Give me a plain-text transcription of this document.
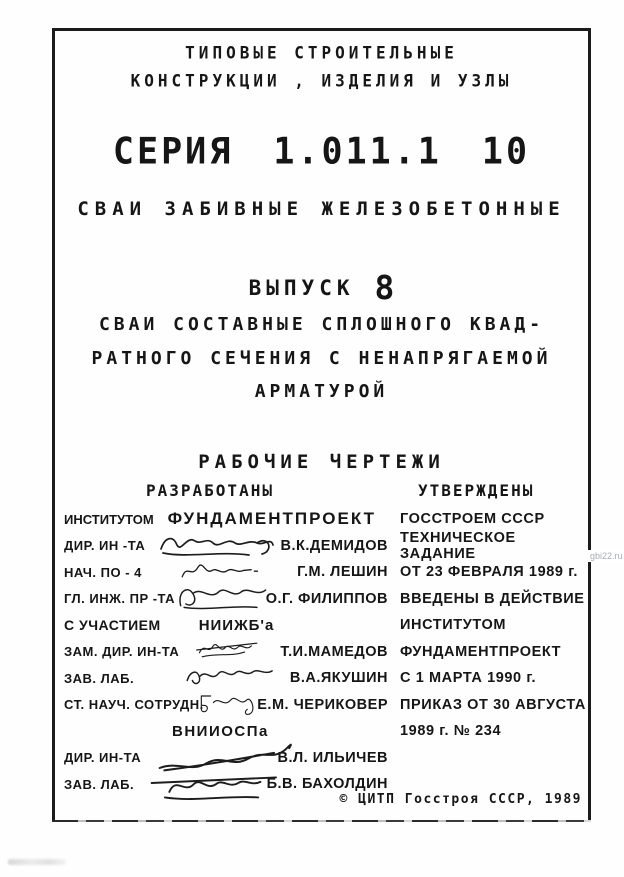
ТИПОВЫЕ СТРОИТЕЛЬНЫЕ
КОНСТРУКЦИИ , ИЗДЕЛИЯ И УЗЛЫ
СЕРИЯ 1.011.1 10
СВАИ ЗАБИВНЫЕ ЖЕЛЕЗОБЕТОННЫЕ
ВЫПУСК 8
СВАИ СОСТАВНЫЕ СПЛОШНОГО КВАД-
РАТНОГО СЕЧЕНИЯ С НЕНАПРЯГАЕМОЙ
АРМАТУРОЙ
РАБОЧИЕ ЧЕРТЕЖИ
РАЗРАБОТАНЫ	УТВЕРЖДЕНЫ
ИНСТИТУТОМ ФУНДАМЕНТПРОЕКТ
ДИР. ИН -ТА	В.К.ДЕМИДОВ
НАЧ. ПО - 4	Г.М. ЛЕШИН
ГЛ. ИНЖ. ПР -ТА	О.Г. ФИЛИППОВ
С УЧАСТИЕМ	НИИЖБ'а
ЗАМ. ДИР. ИН-ТА	Т.И.МАМЕДОВ
ЗАВ. ЛАБ.	В.А.ЯКУШИН
СТ. НАУЧ. СОТРУДН.	Е.М. ЧЕРИКОВЕР
ВНИИОСПа
ДИР. ИН-ТА	В.Л. ИЛЬИЧЕВ
ЗАВ. ЛАБ.	Б.В. БАХОЛДИН
ГОССТРОЕМ СССР
ТЕХНИЧЕСКОЕ ЗАДАНИЕ
ОТ 23 ФЕВРАЛЯ 1989 г.
ВВЕДЕНЫ В ДЕЙСТВИЕ
ИНСТИТУТОМ
ФУНДАМЕНТПРОЕКТ
С 1 МАРТА 1990 г.
ПРИКАЗ ОТ 30 АВГУСТА
1989 г. № 234
© ЦИТП Госстроя СССР, 1989
gbi22.ru
